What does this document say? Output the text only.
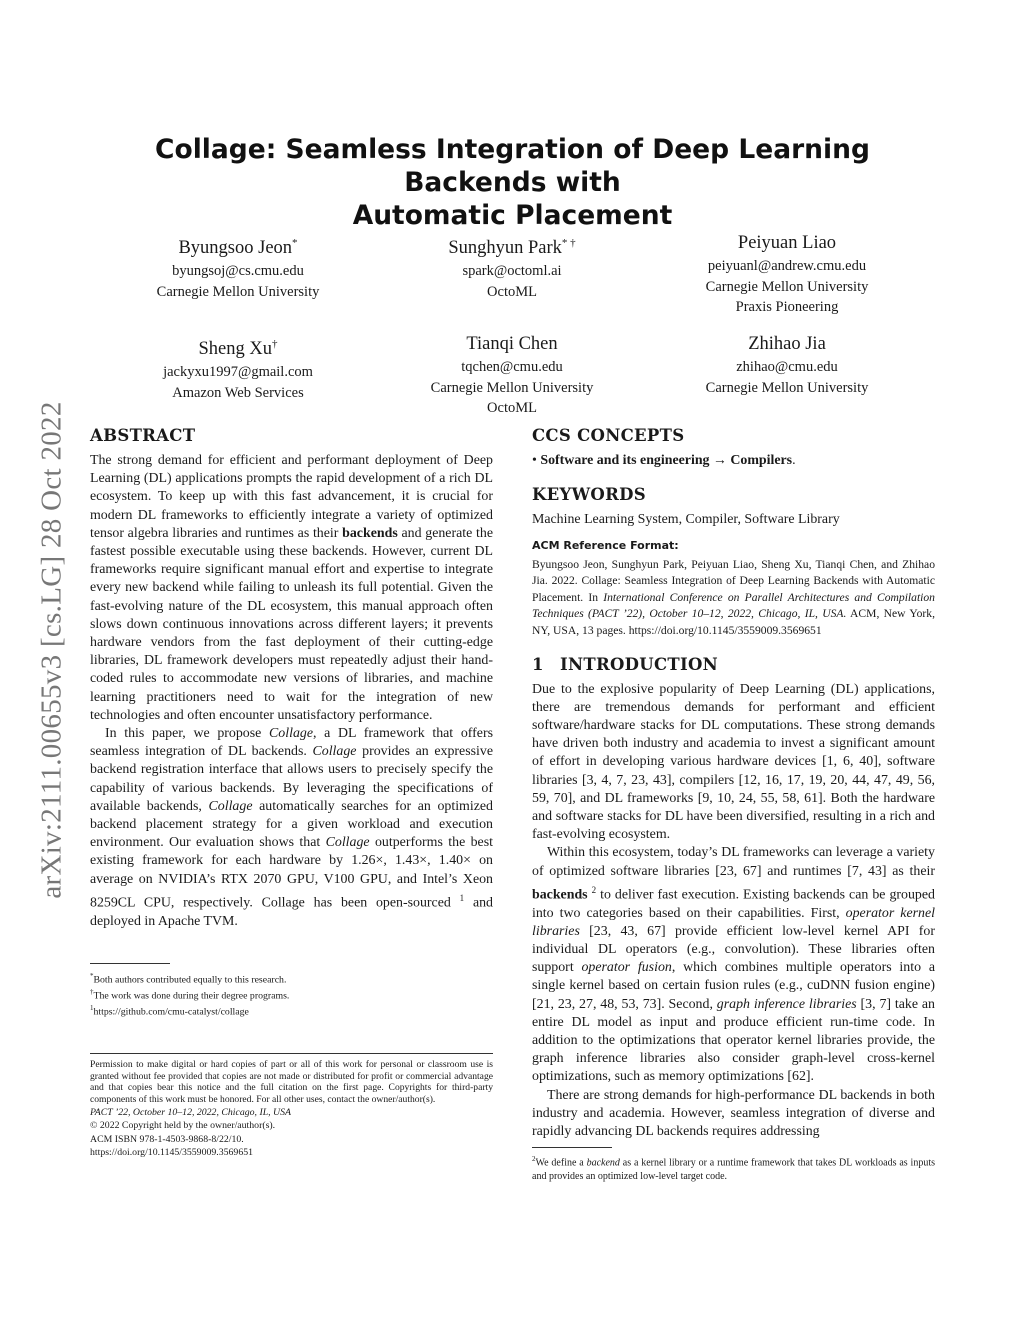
arXiv:2111.00655v3 [cs.LG] 28 Oct 2022
Collage: Seamless Integration of Deep Learning Backends with
Automatic Placement
Byungsoo Jeon*
byungsoj@cs.cmu.edu
Carnegie Mellon University
Sunghyun Park* †
spark@octoml.ai
OctoML
Peiyuan Liao
peiyuanl@andrew.cmu.edu
Carnegie Mellon University
Praxis Pioneering
Sheng Xu†
jackyxu1997@gmail.com
Amazon Web Services
Tianqi Chen
tqchen@cmu.edu
Carnegie Mellon University
OctoML
Zhihao Jia
zhihao@cmu.edu
Carnegie Mellon University
ABSTRACT

The strong demand for efficient and performant deployment of Deep Learning (DL) applications prompts the rapid development of a rich DL ecosystem. To keep up with this fast advancement, it is crucial for modern DL frameworks to efficiently integrate a variety of optimized tensor algebra libraries and runtimes as their backends and generate the fastest possible executable using these backends. However, current DL frameworks require significant manual effort and expertise to integrate every new backend while failing to unleash its full potential. Given the fast-evolving nature of the DL ecosystem, this manual approach often slows down continuous innovations across different layers; it prevents hardware vendors from the fast deployment of their cutting-edge libraries, DL framework developers must repeatedly adjust their hand-coded rules to accommodate new versions of libraries, and machine learning practitioners need to wait for the integration of new technologies and often encounter unsatisfactory performance.

In this paper, we propose Collage, a DL framework that offers seamless integration of DL backends. Collage provides an expressive backend registration interface that allows users to precisely specify the capability of various backends. By leveraging the specifications of available backends, Collage automatically searches for an optimized backend placement strategy for a given workload and execution environment. Our evaluation shows that Collage outperforms the best existing framework for each hardware by 1.26×, 1.43×, 1.40× on average on NVIDIA’s RTX 2070 GPU, V100 GPU, and Intel’s Xeon 8259CL CPU, respectively. Collage has been open-sourced $^1$ and deployed in Apache TVM.

*Both authors contributed equally to this research.

†The work was done during their degree programs.

$^1$https://github.com/cmu-catalyst/collage

Permission to make digital or hard copies of part or all of this work for personal or classroom use is granted without fee provided that copies are not made or distributed for profit or commercial advantage and that copies bear this notice and the full citation on the first page. Copyrights for third-party components of this work must be honored. For all other uses, contact the owner/author(s).

PACT ’22, October 10–12, 2022, Chicago, IL, USA

© 2022 Copyright held by the owner/author(s).

ACM ISBN 978-1-4503-9868-8/22/10.

https://doi.org/10.1145/3559009.3569651

CCS CONCEPTS

• Software and its engineering → Compilers.

KEYWORDS

Machine Learning System, Compiler, Software Library

ACM Reference Format:

Byungsoo Jeon, Sunghyun Park, Peiyuan Liao, Sheng Xu, Tianqi Chen, and Zhihao Jia. 2022. Collage: Seamless Integration of Deep Learning Backends with Automatic Placement. In International Conference on Parallel Architectures and Compilation Techniques (PACT ’22), October 10–12, 2022, Chicago, IL, USA. ACM, New York, NY, USA, 13 pages. https://doi.org/10.1145/3559009.3569651

1 INTRODUCTION

Due to the explosive popularity of Deep Learning (DL) applications, there are tremendous demands for performant and efficient software/hardware stacks for DL computations. These strong demands have driven both industry and academia to invest a significant amount of effort in developing various hardware devices [1, 6, 40], software libraries [3, 4, 7, 23, 43], compilers [12, 16, 17, 19, 20, 44, 47, 49, 56, 59, 70], and DL frameworks [9, 10, 24, 55, 58, 61]. Both the hardware and software stacks for DL have been diversified, resulting in a rich and fast-evolving ecosystem.

Within this ecosystem, today’s DL frameworks can leverage a variety of optimized software libraries [23, 67] and runtimes [7, 43] as their backends $^2$ to deliver fast execution. Existing backends can be grouped into two categories based on their capabilities. First, operator kernel libraries [23, 43, 67] provide efficient low-level kernel API for individual DL operators (e.g., convolution). These libraries often support operator fusion, which combines multiple operators into a single kernel based on certain fusion rules (e.g., cuDNN fusion engine) [21, 23, 27, 48, 53, 73]. Second, graph inference libraries [3, 7] take an entire DL model as input and produce efficient run-time code. In addition to the optimizations that operator kernel libraries provide, the graph inference libraries also consider graph-level cross-kernel optimizations, such as memory optimizations [62].

There are strong demands for high-performance DL backends in both industry and academia. However, seamless integration of diverse and rapidly advancing DL backends requires addressing

$^2$We define a backend as a kernel library or a runtime framework that takes DL workloads as inputs and provides an optimized low-level target code.
